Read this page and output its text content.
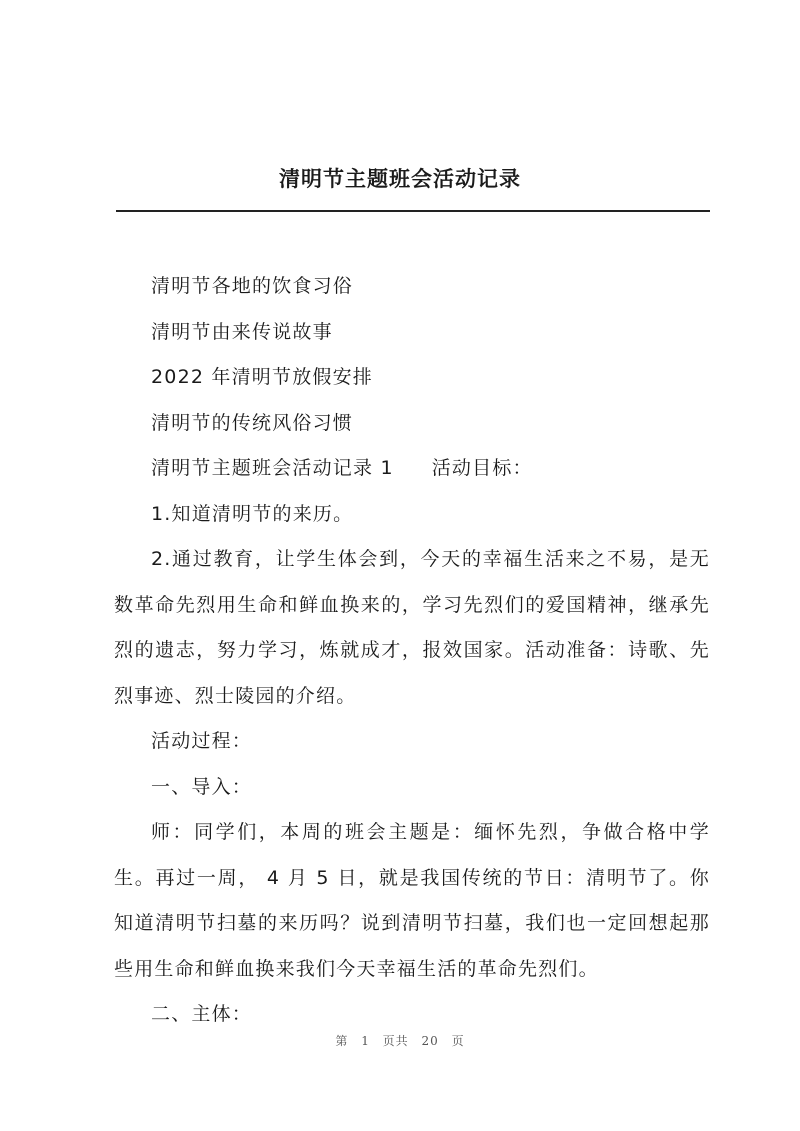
清明节主题班会活动记录

清明节各地的饮食习俗

清明节由来传说故事

2022 年清明节放假安排

清明节的传统风俗习惯

清明节主题班会活动记录 1 活动目标：

1.知道清明节的来历。

2.通过教育，让学生体会到，今天的幸福生活来之不易，是无数革命先烈用生命和鲜血换来的，学习先烈们的爱国精神，继承先烈的遗志，努力学习，炼就成才，报效国家。活动准备：诗歌、先烈事迹、烈士陵园的介绍。

活动过程：

一、导入：

师：同学们，本周的班会主题是：缅怀先烈，争做合格中学生。再过一周， 4 月 5 日，就是我国传统的节日：清明节了。你知道清明节扫墓的来历吗？说到清明节扫墓，我们也一定回想起那些用生命和鲜血换来我们今天幸福生活的革命先烈们。

二、主体：

第 1 页共 20 页
